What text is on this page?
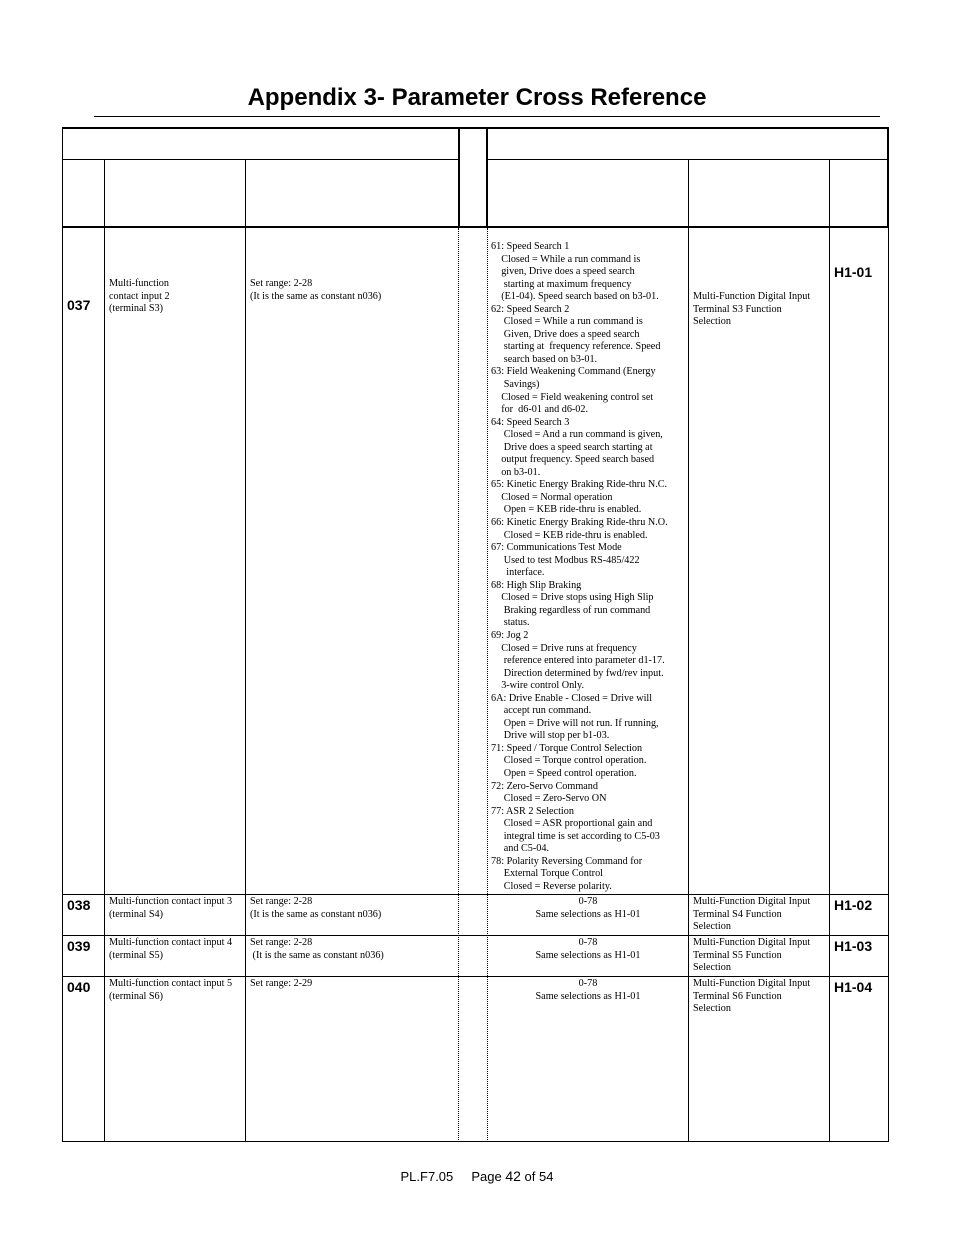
Appendix 3- Parameter Cross Reference
037
Multi-function
contact input 2
(terminal S3)
Set range: 2-28
(It is the same as constant n036)
61: Speed Search 1
Closed = While a run command is
given, Drive does a speed search
starting at maximum frequency
(E1-04). Speed search based on b3-01.
62: Speed Search 2
Closed = While a run command is
Given, Drive does a speed search
starting at  frequency reference. Speed
search based on b3-01.
63: Field Weakening Command (Energy
Savings)
Closed = Field weakening control set
for  d6-01 and d6-02.
64: Speed Search 3
Closed = And a run command is given,
Drive does a speed search starting at
output frequency. Speed search based
on b3-01.
65: Kinetic Energy Braking Ride-thru N.C.
Closed = Normal operation
Open = KEB ride-thru is enabled.
66: Kinetic Energy Braking Ride-thru N.O.
Closed = KEB ride-thru is enabled.
67: Communications Test Mode
Used to test Modbus RS-485/422
interface.
68: High Slip Braking
Closed = Drive stops using High Slip
Braking regardless of run command
status.
69: Jog 2
Closed = Drive runs at frequency
reference entered into parameter d1-17.
Direction determined by fwd/rev input.
3-wire control Only.
6A: Drive Enable - Closed = Drive will
accept run command.
Open = Drive will not run. If running,
Drive will stop per b1-03.
71: Speed / Torque Control Selection
Closed = Torque control operation.
Open = Speed control operation.
72: Zero-Servo Command
Closed = Zero-Servo ON
77: ASR 2 Selection
Closed = ASR proportional gain and
integral time is set according to C5-03
and C5-04.
78: Polarity Reversing Command for
External Torque Control
Closed = Reverse polarity.
Multi-Function Digital Input
Terminal S3 Function
Selection
H1-01
038 Multi-function contact input 3
(terminal S4)
Set range: 2-28
(It is the same as constant n036)
0-78
Same selections as H1-01
Multi-Function Digital Input
Terminal S4 Function
Selection
H1-02
039 Multi-function contact input 4
(terminal S5)
Set range: 2-28
(It is the same as constant n036)
0-78
Same selections as H1-01
Multi-Function Digital Input
Terminal S5 Function
Selection
H1-03
040 Multi-function contact input 5
(terminal S6)
Set range: 2-29	0-78
Same selections as H1-01
Multi-Function Digital Input
Terminal S6 Function
Selection
H1-04
PL.F7.05 Page 42 of 54
